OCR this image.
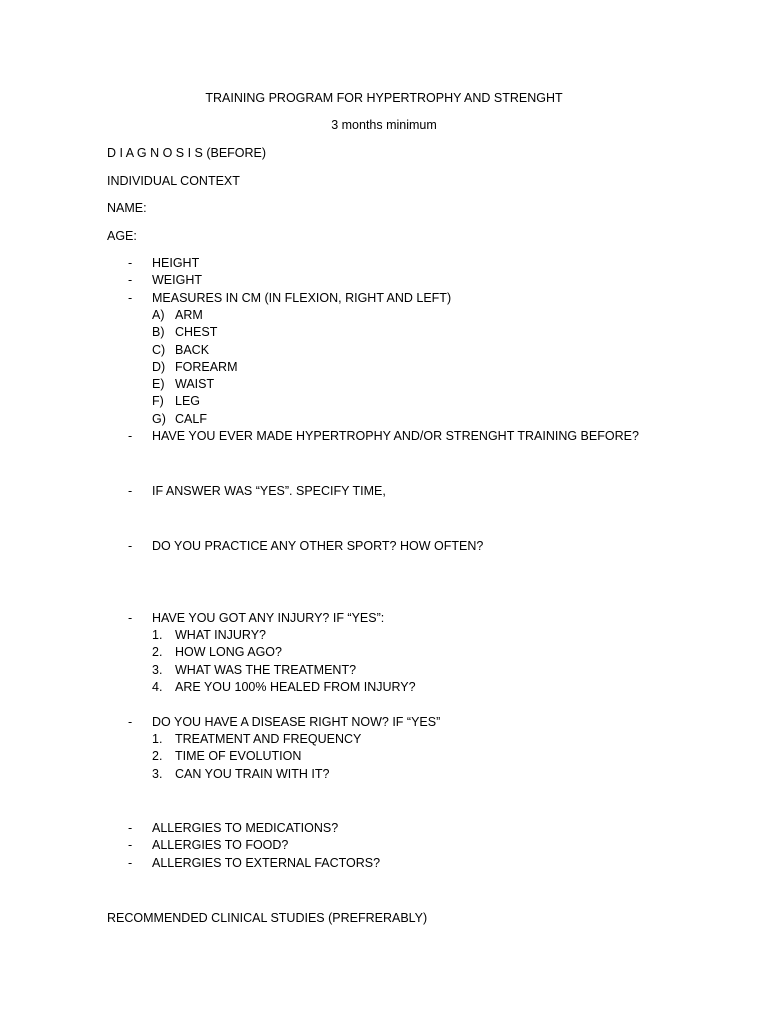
TRAINING PROGRAM FOR HYPERTROPHY AND STRENGHT
3 months minimum
D I A G N O S I S (BEFORE)
INDIVIDUAL CONTEXT
NAME:
AGE:
- HEIGHT
- WEIGHT
- MEASURES IN CM (IN FLEXION, RIGHT AND LEFT)
A) ARM
B) CHEST
C) BACK
D) FOREARM
E) WAIST
F) LEG
G) CALF
- HAVE YOU EVER MADE HYPERTROPHY AND/OR STRENGHT TRAINING BEFORE?
- IF ANSWER WAS “YES”. SPECIFY TIME,
- DO YOU PRACTICE ANY OTHER SPORT? HOW OFTEN?
- HAVE YOU GOT ANY INJURY? IF “YES”:
1. WHAT INJURY?
2. HOW LONG AGO?
3. WHAT WAS THE TREATMENT?
4. ARE YOU 100% HEALED FROM INJURY?
- DO YOU HAVE A DISEASE RIGHT NOW? IF “YES”
1. TREATMENT AND FREQUENCY
2. TIME OF EVOLUTION
3. CAN YOU TRAIN WITH IT?
- ALLERGIES TO MEDICATIONS?
- ALLERGIES TO FOOD?
- ALLERGIES TO EXTERNAL FACTORS?
RECOMMENDED CLINICAL STUDIES (PREFRERABLY)
